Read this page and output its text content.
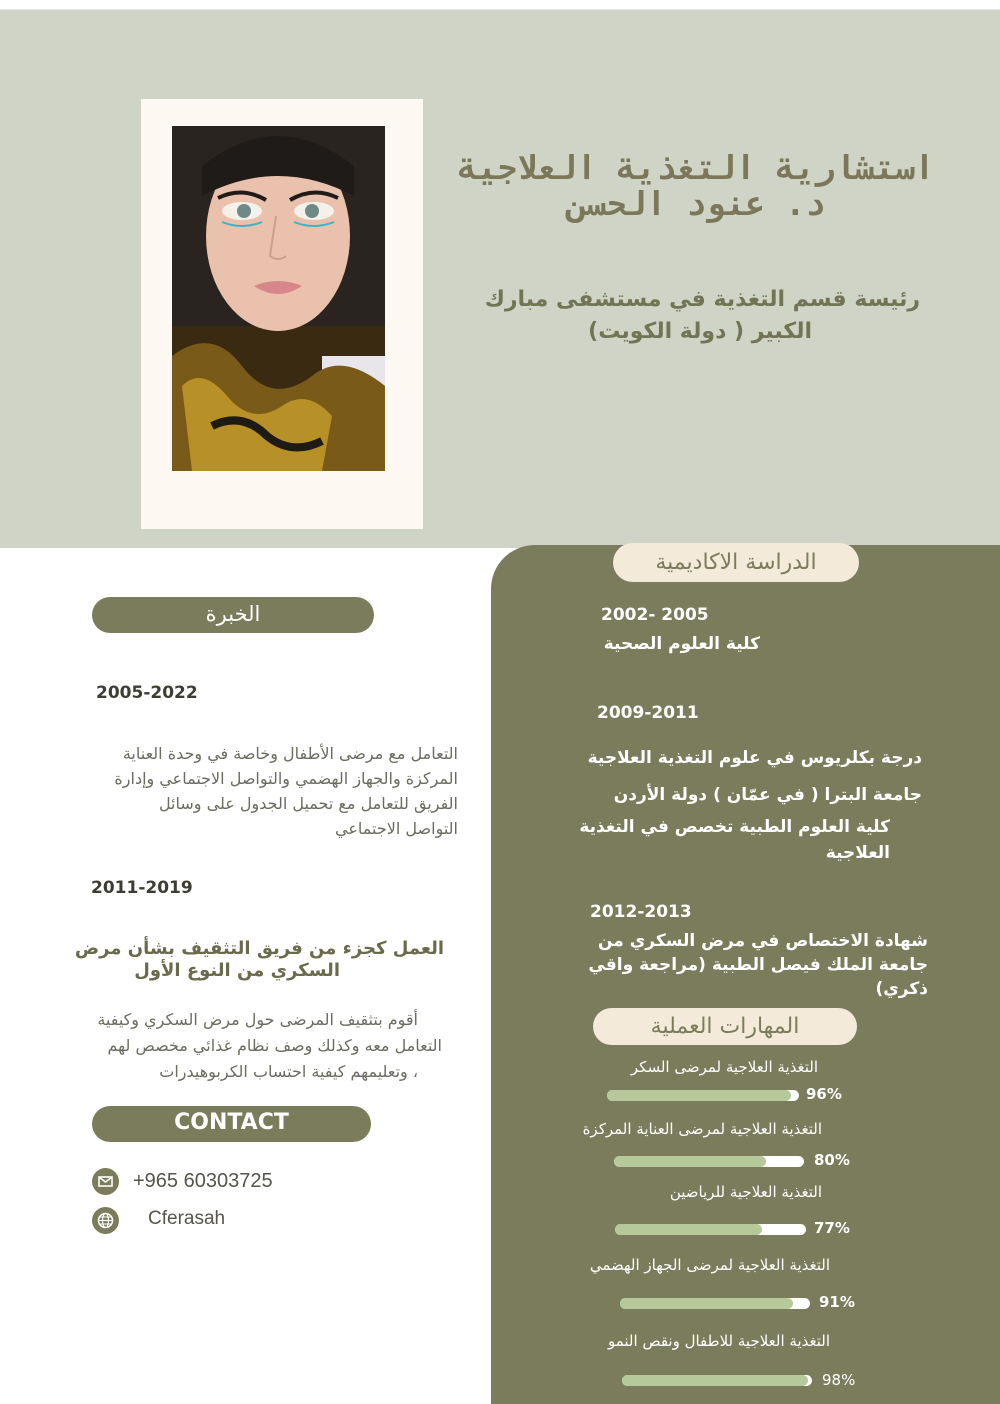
استشارية التغذية العلاجية
د. عنود الحسن
رئيسة قسم التغذية في مستشفى مبارك
الكبير ( دولة الكويت)
الدراسة الاكاديمية
2002- 2005
كلية العلوم الصحية
2009-2011
درجة بكلريوس في علوم التغذية العلاجية
جامعة البترا ( في عمّان ) دولة الأردن
كلية العلوم الطبية تخصص في التغذية
العلاجية
2012-2013
شهادة الاختصاص في مرض السكري من
جامعة الملك فيصل الطبية (مراجعة واقي
ذكري)
المهارات العملية
التغذية العلاجية لمرضى السكر
96%
التغذية العلاجية لمرضى العناية المركزة
80%
التغذية العلاجية للرياضين
77%
التغذية العلاجية لمرضى الجهاز الهضمي
91%
التغذية العلاجية للاطفال ونقص النمو
98%
الخبرة
2005-2022
التعامل مع مرضى الأطفال وخاصة في وحدة العناية
المركزة والجهاز الهضمي والتواصل الاجتماعي وإدارة
الفريق للتعامل مع تحميل الجدول على وسائل
التواصل الاجتماعي
2011-2019
العمل كجزء من فريق التثقيف بشأن مرض
السكري من النوع الأول
أقوم بتثقيف المرضى حول مرض السكري وكيفية
التعامل معه وكذلك وصف نظام غذائي مخصص لهم
، وتعليمهم كيفية احتساب الكربوهيدرات
CONTACT
+965 60303725
Cferasah
